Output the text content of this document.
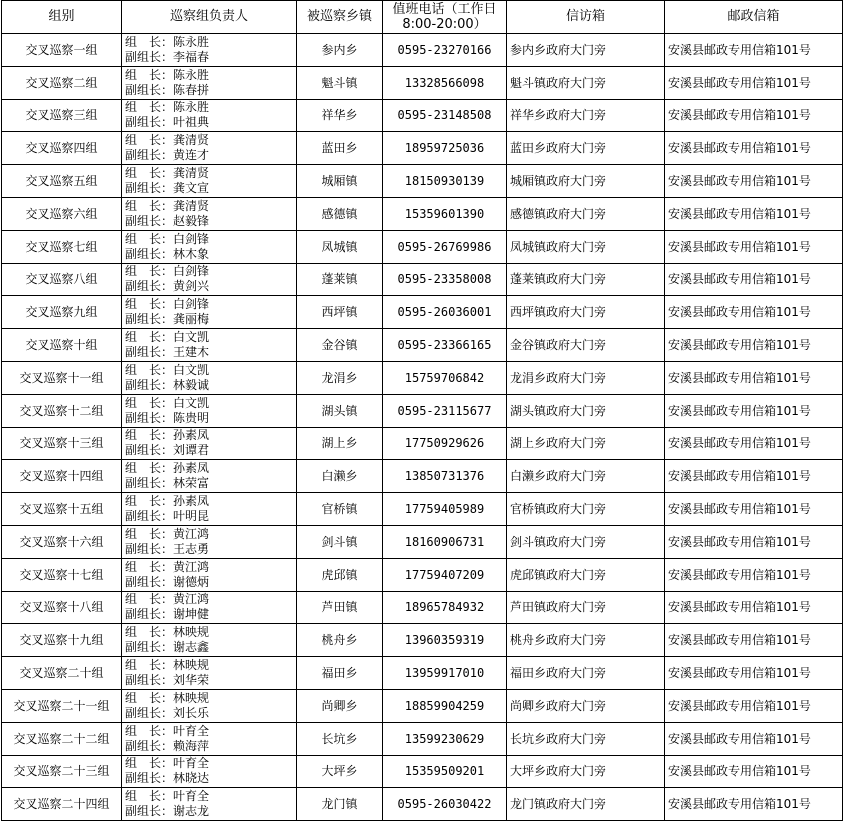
组别	巡察组负责人	被巡察乡镇	值班电话（工作日
8:00-20:00）	信访箱	邮政信箱
交叉巡察一组	组　长：陈永胜
副组长：李福春	参内乡	0595-23270166	参内乡政府大门旁	安溪县邮政专用信箱101号
交叉巡察二组	组　长：陈永胜
副组长：陈春拼	魁斗镇	13328566098	魁斗镇政府大门旁	安溪县邮政专用信箱101号
交叉巡察三组	组　长：陈永胜
副组长：叶祖典	祥华乡	0595-23148508	祥华乡政府大门旁	安溪县邮政专用信箱101号
交叉巡察四组	组　长：龚清贤
副组长：黄连才	蓝田乡	18959725036	蓝田乡政府大门旁	安溪县邮政专用信箱101号
交叉巡察五组	组　长：龚清贤
副组长：龚文宣	城厢镇	18150930139	城厢镇政府大门旁	安溪县邮政专用信箱101号
交叉巡察六组	组　长：龚清贤
副组长：赵毅锋	感德镇	15359601390	感德镇政府大门旁	安溪县邮政专用信箱101号
交叉巡察七组	组　长：白剑锋
副组长：林木象	凤城镇	0595-26769986	凤城镇政府大门旁	安溪县邮政专用信箱101号
交叉巡察八组	组　长：白剑锋
副组长：黄剑兴	蓬莱镇	0595-23358008	蓬莱镇政府大门旁	安溪县邮政专用信箱101号
交叉巡察九组	组　长：白剑锋
副组长：龚丽梅	西坪镇	0595-26036001	西坪镇政府大门旁	安溪县邮政专用信箱101号
交叉巡察十组	组　长：白文凯
副组长：王建木	金谷镇	0595-23366165	金谷镇政府大门旁	安溪县邮政专用信箱101号
交叉巡察十一组	组　长：白文凯
副组长：林毅诚	龙涓乡	15759706842	龙涓乡政府大门旁	安溪县邮政专用信箱101号
交叉巡察十二组	组　长：白文凯
副组长：陈贵明	湖头镇	0595-23115677	湖头镇政府大门旁	安溪县邮政专用信箱101号
交叉巡察十三组	组　长：孙素凤
副组长：刘谭君	湖上乡	17750929626	湖上乡政府大门旁	安溪县邮政专用信箱101号
交叉巡察十四组	组　长：孙素凤
副组长：林荣富	白濑乡	13850731376	白濑乡政府大门旁	安溪县邮政专用信箱101号
交叉巡察十五组	组　长：孙素凤
副组长：叶明昆	官桥镇	17759405989	官桥镇政府大门旁	安溪县邮政专用信箱101号
交叉巡察十六组	组　长：黄江鸿
副组长：王志勇	剑斗镇	18160906731	剑斗镇政府大门旁	安溪县邮政专用信箱101号
交叉巡察十七组	组　长：黄江鸿
副组长：谢德炳	虎邱镇	17759407209	虎邱镇政府大门旁	安溪县邮政专用信箱101号
交叉巡察十八组	组　长：黄江鸿
副组长：谢坤健	芦田镇	18965784932	芦田镇政府大门旁	安溪县邮政专用信箱101号
交叉巡察十九组	组　长：林映规
副组长：谢志鑫	桃舟乡	13960359319	桃舟乡政府大门旁	安溪县邮政专用信箱101号
交叉巡察二十组	组　长：林映规
副组长：刘华荣	福田乡	13959917010	福田乡政府大门旁	安溪县邮政专用信箱101号
交叉巡察二十一组	组　长：林映规
副组长：刘长乐	尚卿乡	18859904259	尚卿乡政府大门旁	安溪县邮政专用信箱101号
交叉巡察二十二组	组　长：叶育全
副组长：赖海萍	长坑乡	13599230629	长坑乡政府大门旁	安溪县邮政专用信箱101号
交叉巡察二十三组	组　长：叶育全
副组长：林晓达	大坪乡	15359509201	大坪乡政府大门旁	安溪县邮政专用信箱101号
交叉巡察二十四组	组　长：叶育全
副组长：谢志龙	龙门镇	0595-26030422	龙门镇政府大门旁	安溪县邮政专用信箱101号
